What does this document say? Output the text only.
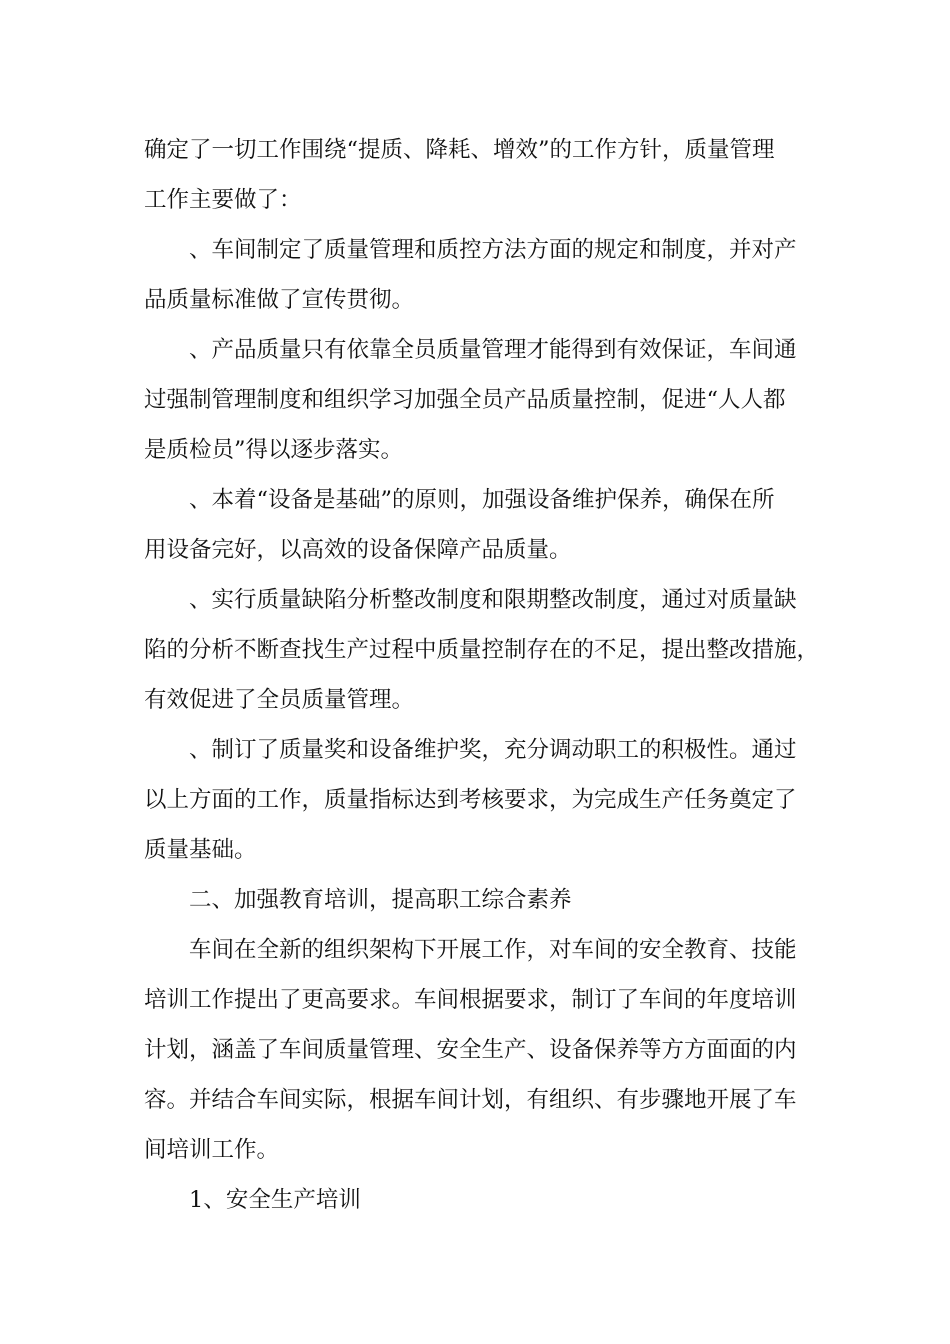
确定了一切工作围绕“提质、降耗、增效”的工作方针，质量管理
工作主要做了：
、车间制定了质量管理和质控方法方面的规定和制度，并对产
品质量标准做了宣传贯彻。
、产品质量只有依靠全员质量管理才能得到有效保证，车间通
过强制管理制度和组织学习加强全员产品质量控制，促进“人人都
是质检员”得以逐步落实。
、本着“设备是基础”的原则，加强设备维护保养，确保在所
用设备完好，以高效的设备保障产品质量。
、实行质量缺陷分析整改制度和限期整改制度，通过对质量缺
陷的分析不断查找生产过程中质量控制存在的不足，提出整改措施，
有效促进了全员质量管理。
、制订了质量奖和设备维护奖，充分调动职工的积极性。通过
以上方面的工作，质量指标达到考核要求，为完成生产任务奠定了
质量基础。
二、加强教育培训，提高职工综合素养
车间在全新的组织架构下开展工作，对车间的安全教育、技能
培训工作提出了更高要求。车间根据要求，制订了车间的年度培训
计划，涵盖了车间质量管理、安全生产、设备保养等方方面面的内
容。并结合车间实际，根据车间计划，有组织、有步骤地开展了车
间培训工作。
1、安全生产培训
